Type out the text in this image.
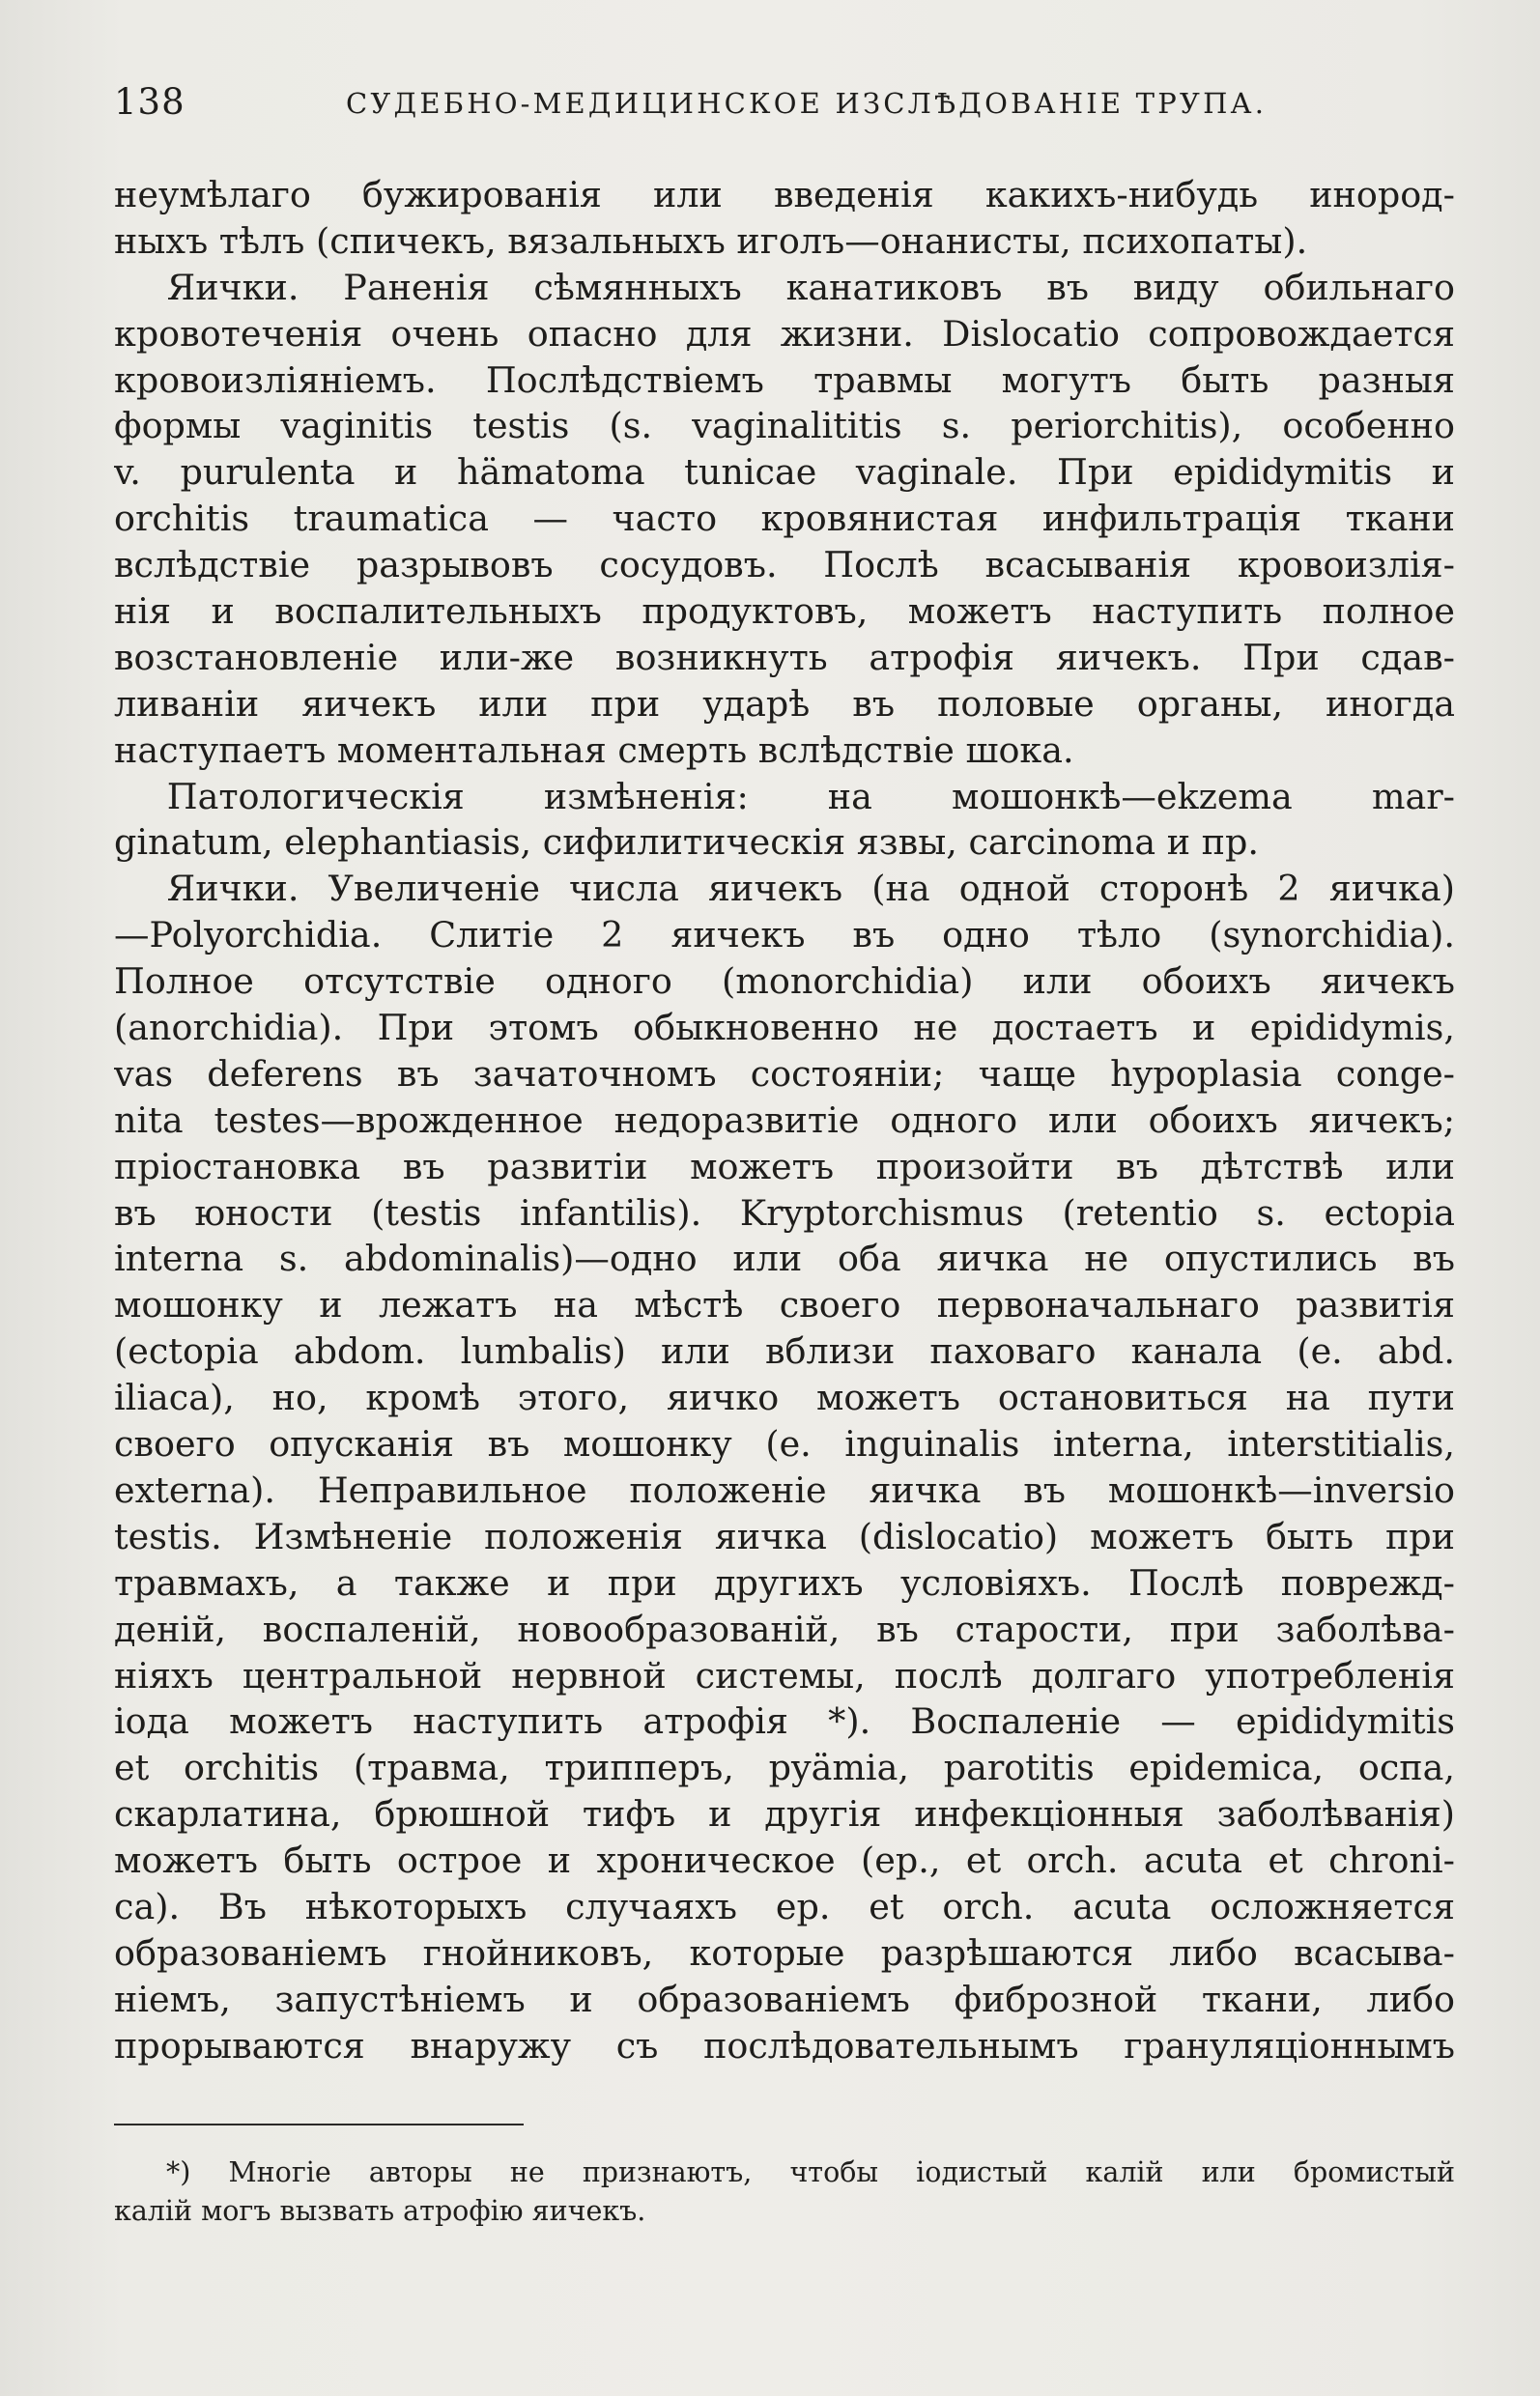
138	СУДЕБНО-МЕДИЦИНСКОЕ ИЗСЛѢДОВАНІЕ ТРУПА.
неумѣлаго бужированія или введенія какихъ-нибудь инород-
ныхъ тѣлъ (спичекъ, вязальныхъ иголъ—онанисты, психопаты).
  Яички. Раненія сѣмянныхъ канатиковъ въ виду обильнаго
кровотеченія очень опасно для жизни. Dislocatio сопровождается
кровоизліяніемъ. Послѣдствіемъ травмы могутъ быть разныя
формы vaginitis testis (s. vaginalititis s. periorchitis), особенно
v. purulenta и hämatoma tunicae vaginale. При epididymitis и
orchitis traumatica — часто кровянистая инфильтрація ткани
вслѣдствіе разрывовъ сосудовъ. Послѣ всасыванія кровоизлія-
нія и воспалительныхъ продуктовъ, можетъ наступить полное
возстановленіе или-же возникнуть атрофія яичекъ. При сдав-
ливаніи яичекъ или при ударѣ въ половые органы, иногда
наступаетъ моментальная смерть вслѣдствіе шока.
  Патологическія измѣненія: на мошонкѣ—ekzema mar-
ginatum, elephantiasis, сифилитическія язвы, carcinoma и пр.
  Яички. Увеличеніе числа яичекъ (на одной сторонѣ 2 яичка)
—Polyorchidia. Слитіе 2 яичекъ въ одно тѣло (synorchidia).
Полное отсутствіе одного (monorchidia) или обоихъ яичекъ
(anorchidia). При этомъ обыкновенно не достаетъ и epididymis,
vas deferens въ зачаточномъ состояніи; чаще hypoplasia conge-
nita testes—врожденное недоразвитіе одного или обоихъ яичекъ;
пріостановка въ развитіи можетъ произойти въ дѣтствѣ или
въ юности (testis infantilis). Kryptorchismus (retentio s. ectopia
interna s. abdominalis)—одно или оба яичка не опустились въ
мошонку и лежатъ на мѣстѣ своего первоначальнаго развитія
(ectopia abdom. lumbalis) или вблизи паховаго канала (e. abd.
iliaca), но, кромѣ этого, яичко можетъ остановиться на пути
своего опусканія въ мошонку (e. inguinalis interna, interstitialis,
externa). Неправильное положеніе яичка въ мошонкѣ—inversio
testis. Измѣненіе положенія яичка (dislocatio) можетъ быть при
травмахъ, а также и при другихъ условіяхъ. Послѣ поврежд-
деній, воспаленій, новообразованій, въ старости, при заболѣва-
ніяхъ центральной нервной системы, послѣ долгаго употребленія
іода можетъ наступить атрофія *). Воспаленіе — epididymitis
et orchitis (травма, трипперъ, pyämia, parotitis epidemica, оспа,
скарлатина, брюшной тифъ и другія инфекціонныя заболѣванія)
можетъ быть острое и хроническое (ep., et orch. acuta et chroni-
ca). Въ нѣкоторыхъ случаяхъ ep. et orch. acuta осложняется
образованіемъ гнойниковъ, которые разрѣшаются либо всасыва-
ніемъ, запустѣніемъ и образованіемъ фиброзной ткани, либо
прорываются внаружу съ послѣдовательнымъ грануляціоннымъ
*) Многіе авторы не признаютъ, чтобы іодистый калій или бромистый
калій могъ вызвать атрофію яичекъ.
